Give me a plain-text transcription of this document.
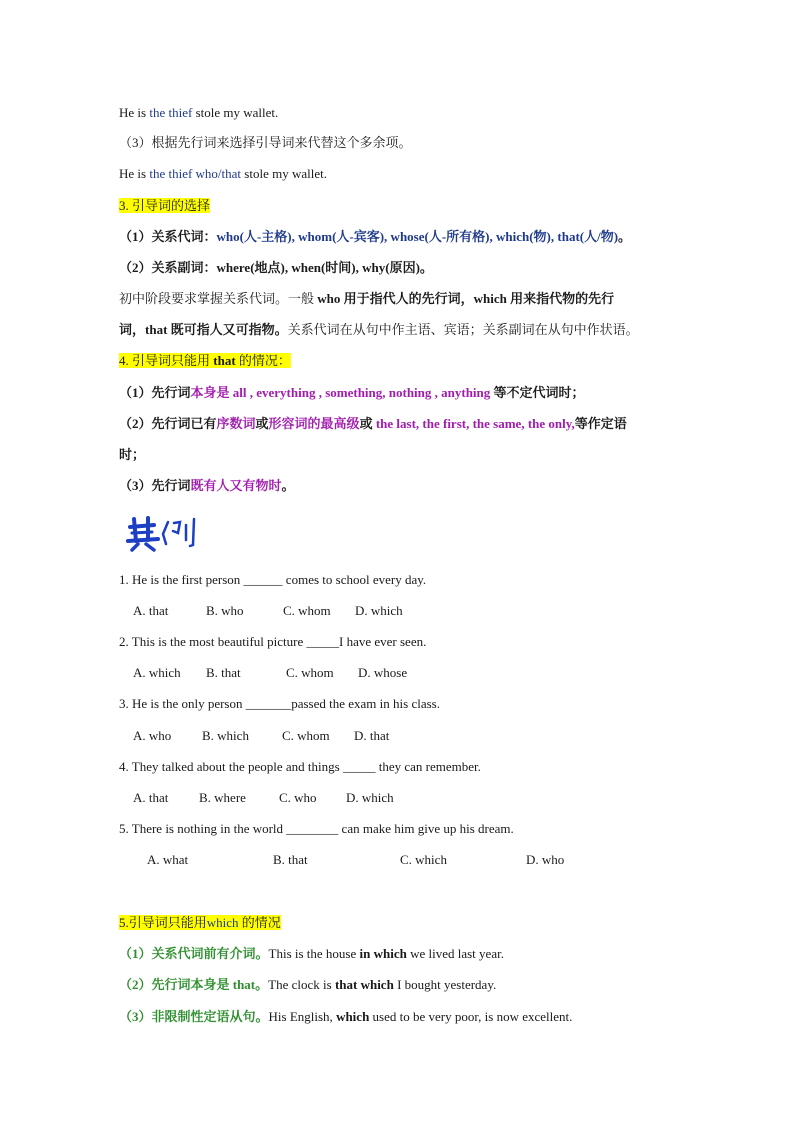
He is the thief stole my wallet.
（3）根据先行词来选择引导词来代替这个多余项。
He is the thief who/that stole my wallet.
3. 引导词的选择
（1）关系代词：who(人-主格), whom(人-宾客), whose(人-所有格), which(物), that(人/物)。
（2）关系副词：where(地点), when(时间), why(原因)。
初中阶段要求掌握关系代词。一般 who 用于指代人的先行词，which 用来指代物的先行
词，that 既可指人又可指物。关系代词在从句中作主语、宾语；关系副词在从句中作状语。
4. 引导词只能用 that 的情况：
（1）先行词本身是 all , everything , something, nothing , anything 等不定代词时；
（2）先行词已有序数词或形容词的最高级或 the last, the first, the same, the only,等作定语
时；
（3）先行词既有人又有物时。
1. He is the first person ______ comes to school every day.
A. that	B. who	C. whom D. which
2. This is the most beautiful picture _____I have ever seen.
A. which B. that	C. whom D. whose
3. He is the only person _______passed the exam in his class.
A. who B. which	C. whom D. that
4. They talked about the people and things _____ they can remember.
A. that B. where	C. who D. which
5. There is nothing in the world ________ can make him give up his dream.
A. what	B. that	C. which	D. who
5.引导词只能用which 的情况
（1）关系代词前有介词。This is the house in which we lived last year.
（2）先行词本身是 that。The clock is that which I bought yesterday.
（3）非限制性定语从句。His English, which used to be very poor, is now excellent.
